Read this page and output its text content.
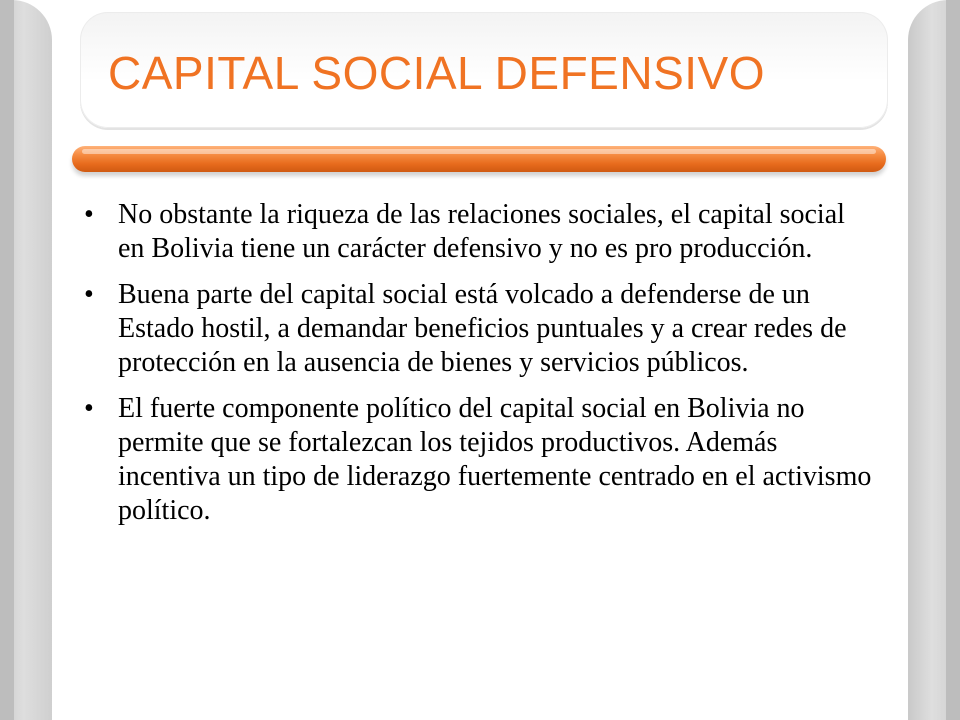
CAPITAL SOCIAL DEFENSIVO
• No obstante la riqueza de las relaciones sociales, el capital social en Bolivia tiene un carácter defensivo y no es pro producción.
• Buena parte del capital social está volcado a defenderse de un Estado hostil, a demandar beneficios puntuales y a crear redes de protección en la ausencia de bienes y servicios públicos.
• El fuerte componente político del capital social en Bolivia no permite que se fortalezcan los tejidos productivos. Además incentiva un tipo de liderazgo fuertemente centrado en el activismo político.
